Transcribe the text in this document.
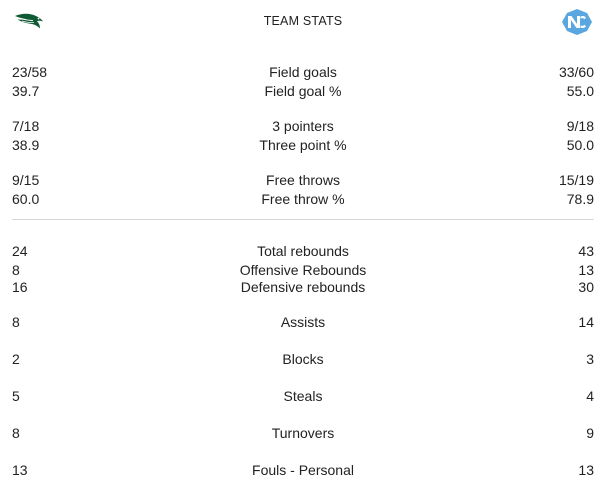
TEAM STATS
23/58	Field goals	33/60
39.7	Field goal %	55.0
7/18	3 pointers	9/18
38.9	Three point %	50.0
9/15	Free throws	15/19
60.0	Free throw %	78.9
24	Total rebounds	43
8	Offensive Rebounds	13
16	Defensive rebounds	30
8	Assists	14
2	Blocks	3
5	Steals	4
8	Turnovers	9
13	Fouls - Personal	13
